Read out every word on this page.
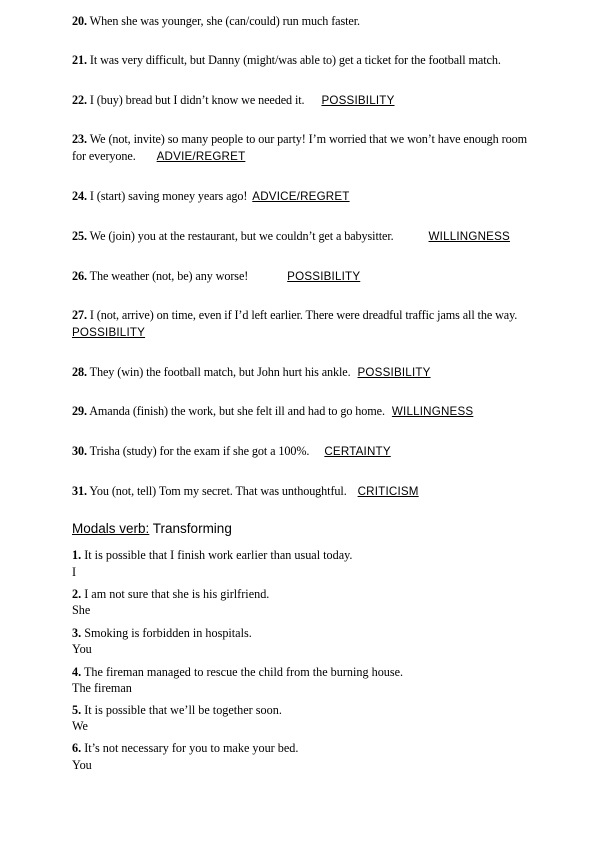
20. When she was younger, she (can/could) run much faster.
21. It was very difficult, but Danny (might/was able to) get a ticket for the football match.
22. I (buy) bread but I didn’t know we needed it. POSSIBILITY
23. We (not, invite) so many people to our party! I’m worried that we won’t have enough room for everyone. ADVIE/REGRET
24. I (start) saving money years ago! ADVICE/REGRET
25. We (join) you at the restaurant, but we couldn’t get a babysitter.	WILLINGNESS
26. The weather (not, be) any worse!	POSSIBILITY
27. I (not, arrive) on time, even if I’d left earlier. There were dreadful traffic jams all the way.
POSSIBILITY
28. They (win) the football match, but John hurt his ankle. POSSIBILITY
29. Amanda (finish) the work, but she felt ill and had to go home. WILLINGNESS
30. Trisha (study) for the exam if she got a 100%. CERTAINTY
31. You (not, tell) Tom my secret. That was unthoughtful. CRITICISM
Modals verb: Transforming
1. It is possible that I finish work earlier than usual today.
I
2. I am not sure that she is his girlfriend.
She
3. Smoking is forbidden in hospitals.
You
4. The fireman managed to rescue the child from the burning house.
The fireman
5. It is possible that we’ll be together soon.
We
6. It’s not necessary for you to make your bed.
You
